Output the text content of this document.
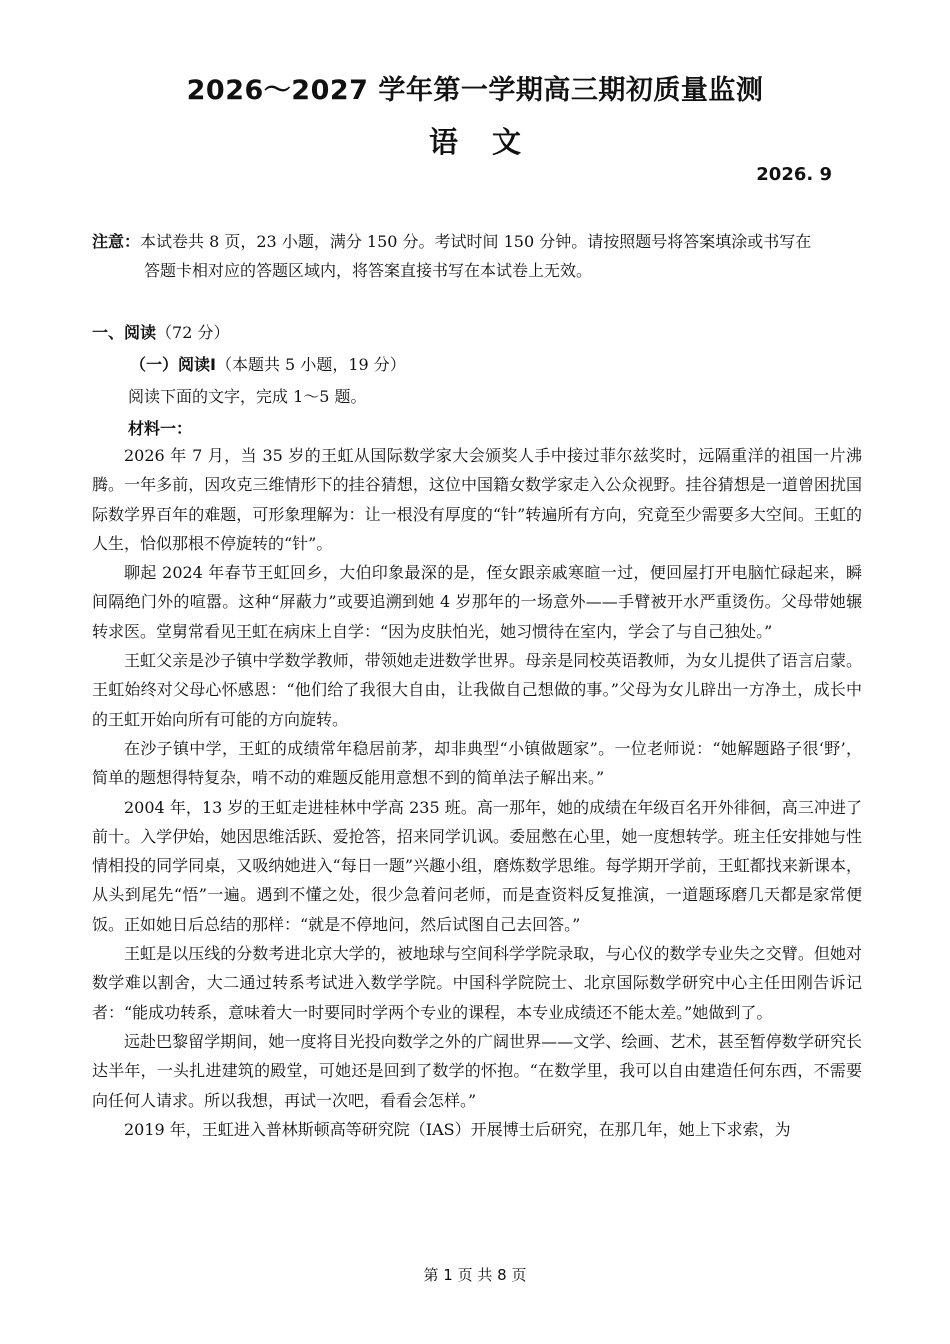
2026～2027 学年第一学期高三期初质量监测
语文
2026. 9
注意：本试卷共 8 页，23 小题，满分 150 分。考试时间 150 分钟。请按照题号将答案填涂或书写在
答题卡相对应的答题区域内，将答案直接书写在本试卷上无效。
一、阅读（72 分）
（一）阅读Ⅰ（本题共 5 小题，19 分）
阅读下面的文字，完成 1～5 题。
材料一：

2026 年 7 月，当 35 岁的王虹从国际数学家大会颁奖人手中接过菲尔兹奖时，远隔重洋的祖国一片沸腾。一年多前，因攻克三维情形下的挂谷猜想，这位中国籍女数学家走入公众视野。挂谷猜想是一道曾困扰国际数学界百年的难题，可形象理解为：让一根没有厚度的“针”转遍所有方向，究竟至少需要多大空间。王虹的人生，恰似那根不停旋转的“针”。

聊起 2024 年春节王虹回乡，大伯印象最深的是，侄女跟亲戚寒暄一过，便回屋打开电脑忙碌起来，瞬间隔绝门外的喧嚣。这种“屏蔽力”或要追溯到她 4 岁那年的一场意外——手臂被开水严重烫伤。父母带她辗转求医。堂舅常看见王虹在病床上自学：“因为皮肤怕光，她习惯待在室内，学会了与自己独处。”

王虹父亲是沙子镇中学数学教师，带领她走进数学世界。母亲是同校英语教师，为女儿提供了语言启蒙。王虹始终对父母心怀感恩：“他们给了我很大自由，让我做自己想做的事。”父母为女儿辟出一方净土，成长中的王虹开始向所有可能的方向旋转。

在沙子镇中学，王虹的成绩常年稳居前茅，却非典型“小镇做题家”。一位老师说：“她解题路子很‘野’，简单的题想得特复杂，啃不动的难题反能用意想不到的简单法子解出来。”

2004 年，13 岁的王虹走进桂林中学高 235 班。高一那年，她的成绩在年级百名开外徘徊，高三冲进了前十。入学伊始，她因思维活跃、爱抢答，招来同学讥讽。委屈憋在心里，她一度想转学。班主任安排她与性情相投的同学同桌，又吸纳她进入“每日一题”兴趣小组，磨炼数学思维。每学期开学前，王虹都找来新课本，从头到尾先“悟”一遍。遇到不懂之处，很少急着问老师，而是查资料反复推演，一道题琢磨几天都是家常便饭。正如她日后总结的那样：“就是不停地问，然后试图自己去回答。”

王虹是以压线的分数考进北京大学的，被地球与空间科学学院录取，与心仪的数学专业失之交臂。但她对数学难以割舍，大二通过转系考试进入数学学院。中国科学院院士、北京国际数学研究中心主任田刚告诉记者：“能成功转系，意味着大一时要同时学两个专业的课程，本专业成绩还不能太差。”她做到了。

远赴巴黎留学期间，她一度将目光投向数学之外的广阔世界——文学、绘画、艺术，甚至暂停数学研究长达半年，一头扎进建筑的殿堂，可她还是回到了数学的怀抱。“在数学里，我可以自由建造任何东西，不需要向任何人请求。所以我想，再试一次吧，看看会怎样。”

2019 年，王虹进入普林斯顿高等研究院（IAS）开展博士后研究，在那几年，她上下求索，为

第 1 页 共 8 页
